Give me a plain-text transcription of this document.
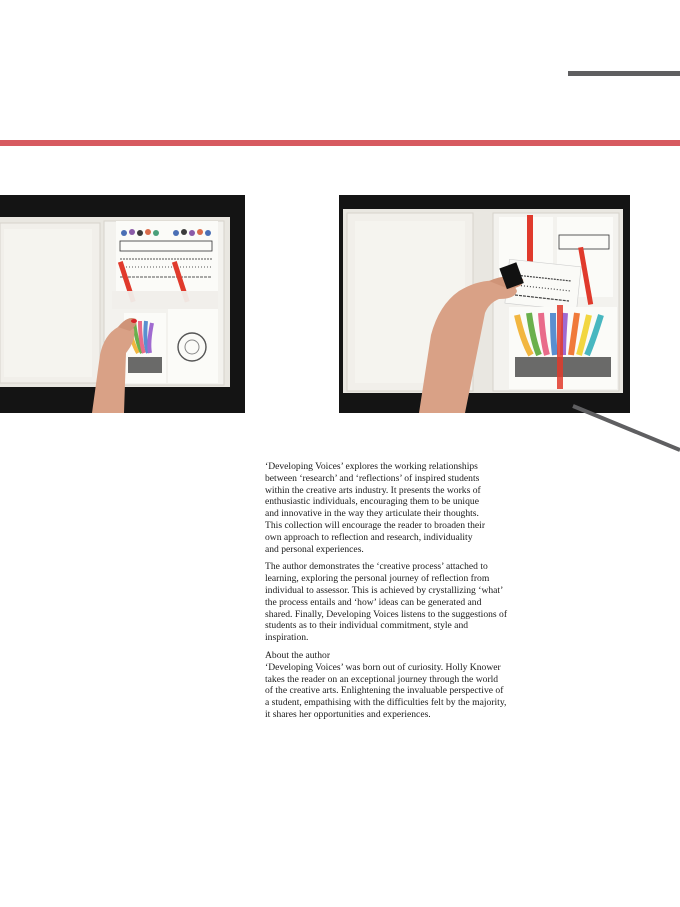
‘Developing Voices’ explores the working relationships
between ‘research’ and ‘reflections’ of inspired students
within the creative arts industry. It presents the works of
enthusiastic individuals, encouraging them to be unique
and innovative in the way they articulate their thoughts.
This collection will encourage the reader to broaden their
own approach to reflection and research, individuality
and personal experiences.

The author demonstrates the ‘creative process’ attached to
learning, exploring the personal journey of reflection from
individual to assessor. This is achieved by crystallizing ‘what’
the process entails and ‘how’ ideas can be generated and
shared. Finally, Developing Voices listens to the suggestions of
students as to their individual commitment, style and
inspiration.

About the author

‘Developing Voices’ was born out of curiosity. Holly Knower
takes the reader on an exceptional journey through the world
of the creative arts. Enlightening the invaluable perspective of
a student, empathising with the difficulties felt by the majority,
it shares her opportunities and experiences.
